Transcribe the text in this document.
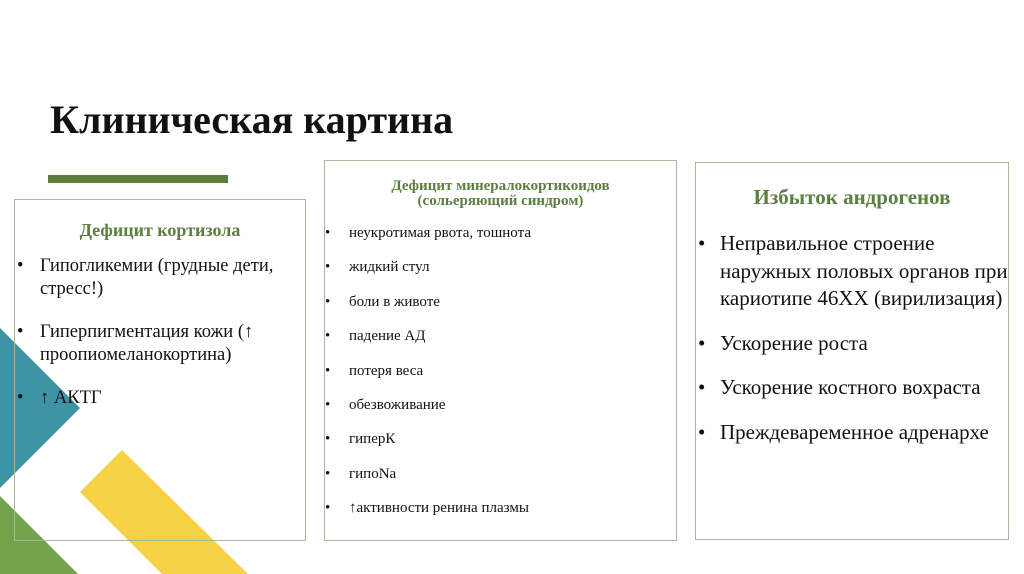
Клиническая картина
Дефицит кортизола
• Гипогликемии (грудные дети, стресс!)
• Гиперпигментация кожи (↑ проопиомеланокортина)
• ↑ АКТГ
Дефицит минералокортикоидов
(сольеряющий синдром)
• неукротимая рвота, тошнота
• жидкий стул
• боли в животе
• падение АД
• потеря веса
• обезвоживание
• гиперК
• гипоNa
• ↑активности ренина плазмы
Избыток андрогенов
• Неправильное строение наружных половых органов при кариотипе 46XX (вирилизация)
• Ускорение роста
• Ускорение костного вохраста
• Преждеваременное адренархе
